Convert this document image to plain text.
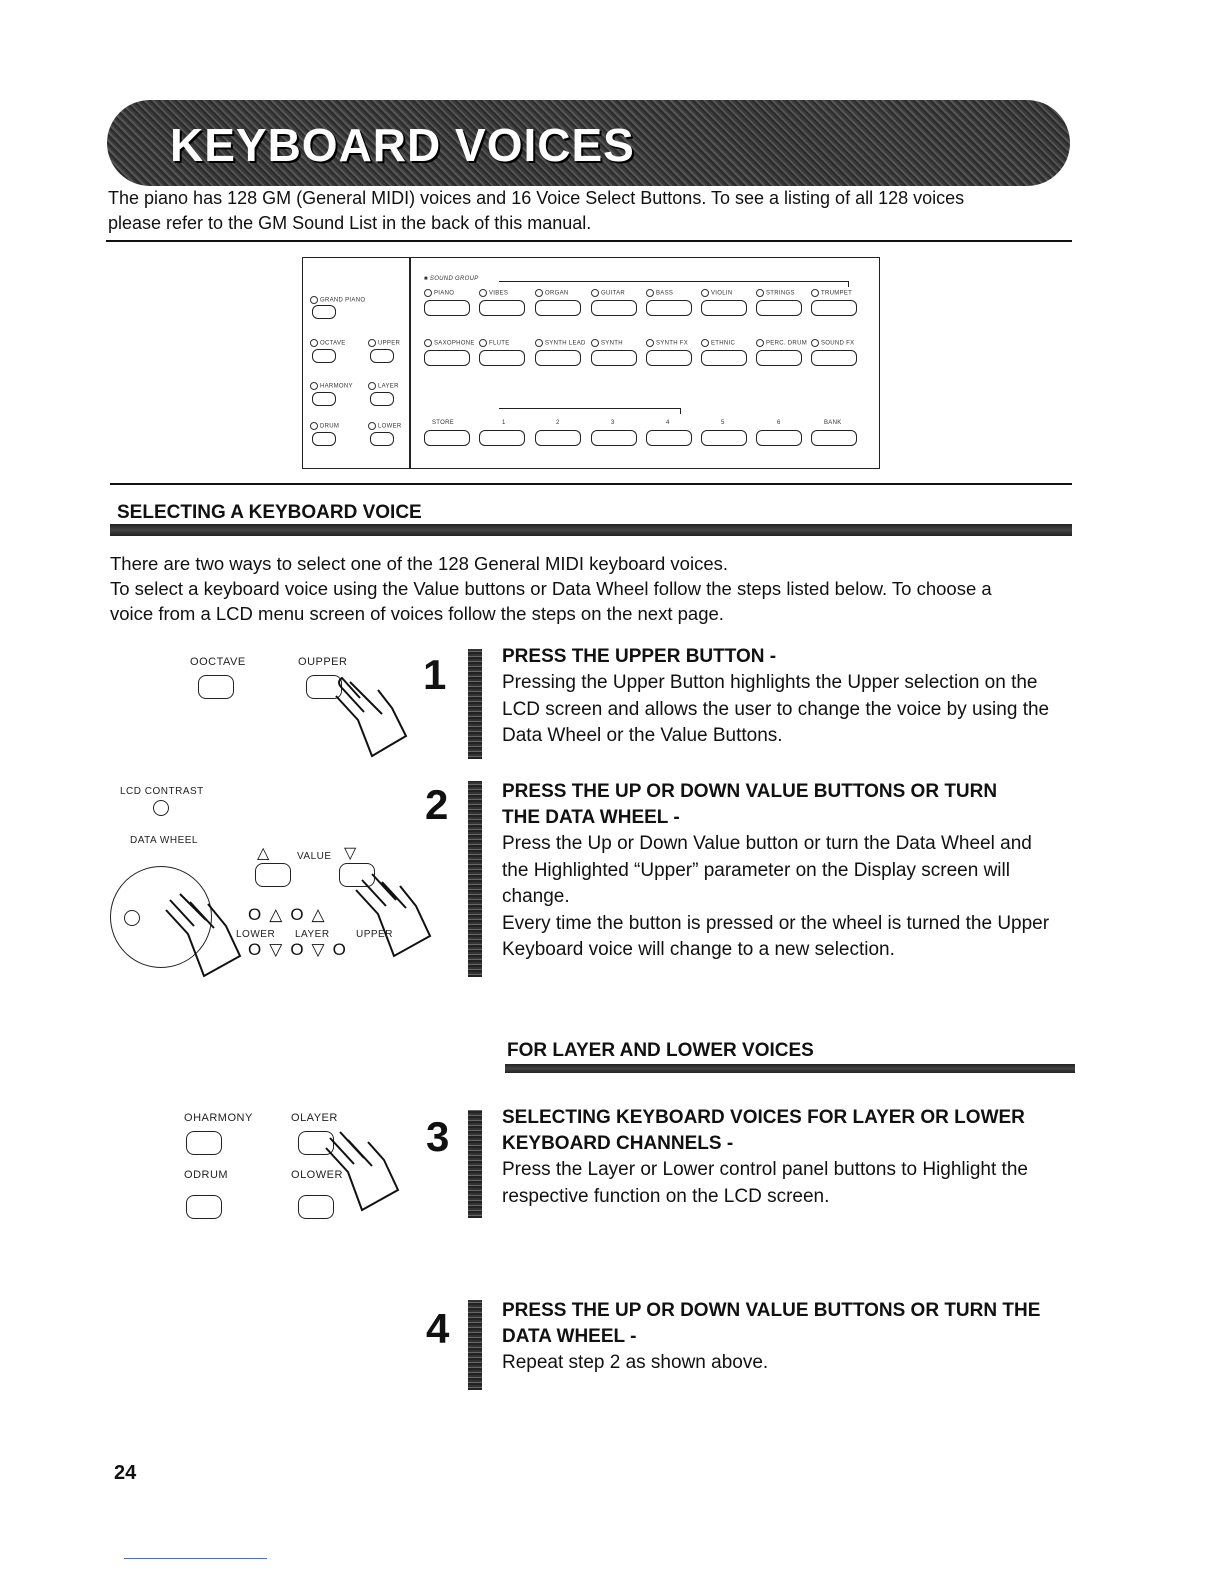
KEYBOARD VOICES
The piano has 128 GM (General MIDI) voices and 16 Voice Select Buttons. To see a listing of all 128 voices
please refer to the GM Sound List in the back of this manual.
GRAND PIANO
OCTAVE	UPPER
HARMONY	LAYER
DRUM	LOWER
■ SOUND GROUP
PIANO	VIBES	ORGAN	GUITAR	BASS	VIOLIN	STRINGS	TRUMPET
SAXOPHONE	FLUTE	SYNTH LEAD	SYNTH	SYNTH FX	ETHNIC	PERC. DRUM	SOUND FX
STORE	1	2	3	4	5	6	BANK
SELECTING A KEYBOARD VOICE
There are two ways to select one of the 128 General MIDI keyboard voices.
To select a keyboard voice using the Value buttons or Data Wheel follow the steps listed below. To choose a
voice from a LCD menu screen of voices follow the steps on the next page.
OOCTAVE	OUPPER 1	PRESS THE UPPER BUTTON -
Pressing the Upper Button highlights the Upper selection on the
LCD screen and allows the user to change the voice by using the
Data Wheel or the Value Buttons.
LCD CONTRAST
DATA WHEEL
△	VALUE ▽
O△O△
LOWER LAYER	UPPER
O▽O▽O
2	PRESS THE UP OR DOWN VALUE BUTTONS OR TURN
THE DATA WHEEL -
Press the Up or Down Value button or turn the Data Wheel and
the Highlighted “Upper” parameter on the Display screen will
change.
Every time the button is pressed or the wheel is turned the Upper
Keyboard voice will change to a new selection.
FOR LAYER AND LOWER VOICES
OHARMONY	OLAYER
ODRUM	OLOWER
3	SELECTING KEYBOARD VOICES FOR LAYER OR LOWER
KEYBOARD CHANNELS -
Press the Layer or Lower control panel buttons to Highlight the
respective function on the LCD screen.
4	PRESS THE UP OR DOWN VALUE BUTTONS OR TURN THE
DATA WHEEL -
Repeat step 2 as shown above.
24
